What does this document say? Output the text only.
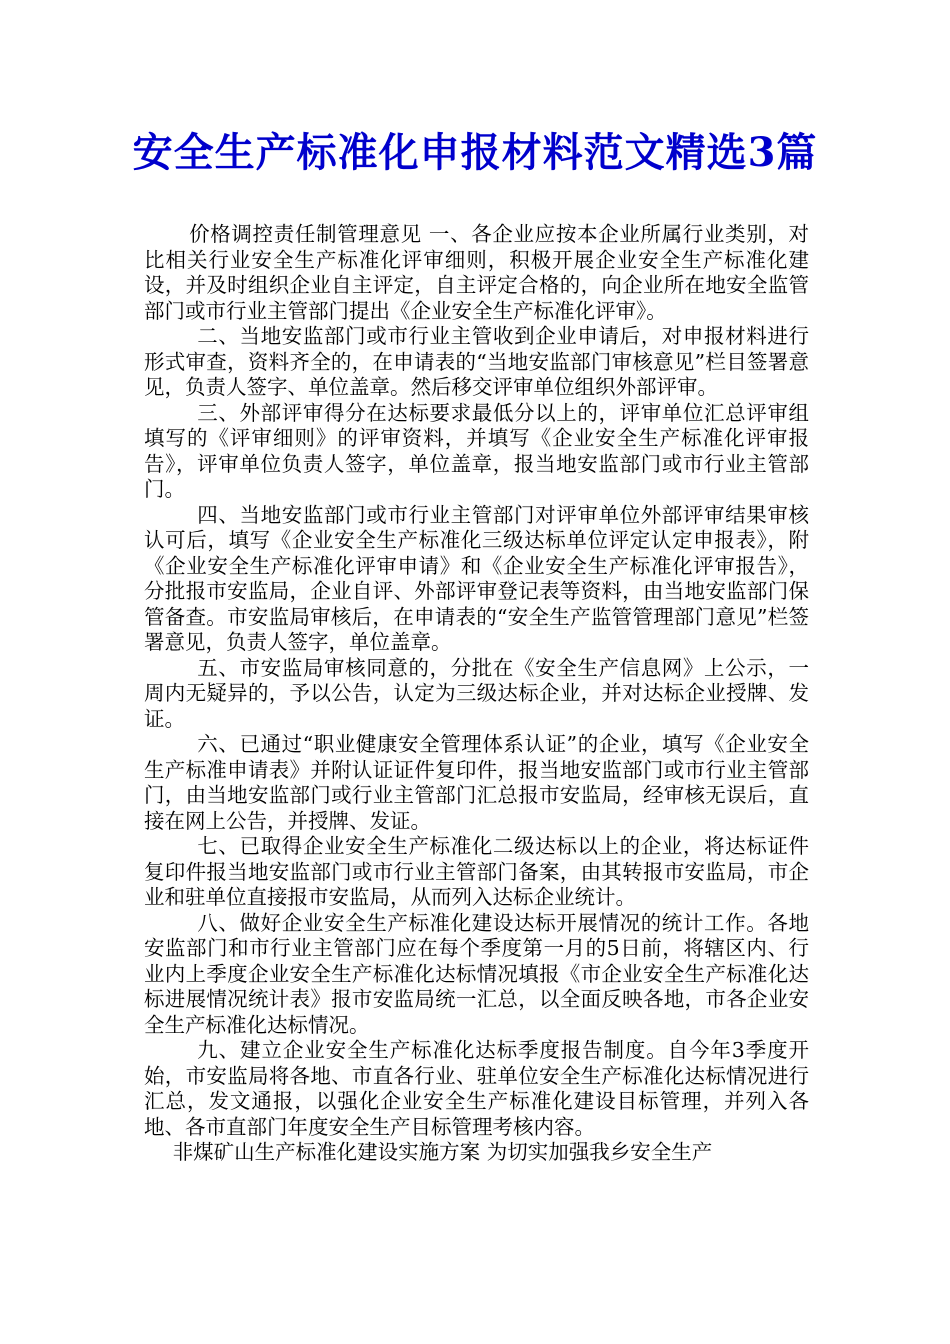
安全生产标准化申报材料范文精选3篇

价格调控责任制管理意见 一、各企业应按本企业所属行业类别，对比相关行业安全生产标准化评审细则，积极开展企业安全生产标准化建设，并及时组织企业自主评定，自主评定合格的，向企业所在地安全监管部门或市行业主管部门提出《企业安全生产标准化评审》。

二、当地安监部门或市行业主管收到企业申请后，对申报材料进行形式审查，资料齐全的，在申请表的“当地安监部门审核意见”栏目签署意见，负责人签字、单位盖章。然后移交评审单位组织外部评审。

三、外部评审得分在达标要求最低分以上的，评审单位汇总评审组填写的《评审细则》的评审资料，并填写《企业安全生产标准化评审报告》，评审单位负责人签字，单位盖章，报当地安监部门或市行业主管部门。

四、当地安监部门或市行业主管部门对评审单位外部评审结果审核认可后，填写《企业安全生产标准化三级达标单位评定认定申报表》，附《企业安全生产标准化评审申请》和《企业安全生产标准化评审报告》，分批报市安监局，企业自评、外部评审登记表等资料，由当地安监部门保管备查。市安监局审核后，在申请表的“安全生产监管管理部门意见”栏签署意见，负责人签字，单位盖章。

五、市安监局审核同意的，分批在《安全生产信息网》上公示，一周内无疑异的，予以公告，认定为三级达标企业，并对达标企业授牌、发证。

六、已通过“职业健康安全管理体系认证”的企业，填写《企业安全生产标准申请表》并附认证证件复印件，报当地安监部门或市行业主管部门，由当地安监部门或行业主管部门汇总报市安监局，经审核无误后，直接在网上公告，并授牌、发证。

七、已取得企业安全生产标准化二级达标以上的企业，将达标证件复印件报当地安监部门或市行业主管部门备案，由其转报市安监局，市企业和驻单位直接报市安监局，从而列入达标企业统计。

八、做好企业安全生产标准化建设达标开展情况的统计工作。各地安监部门和市行业主管部门应在每个季度第一月的5日前，将辖区内、行业内上季度企业安全生产标准化达标情况填报《市企业安全生产标准化达标进展情况统计表》报市安监局统一汇总，以全面反映各地，市各企业安全生产标准化达标情况。

九、建立企业安全生产标准化达标季度报告制度。自今年3季度开始，市安监局将各地、市直各行业、驻单位安全生产标准化达标情况进行汇总，发文通报，以强化企业安全生产标准化建设目标管理，并列入各地、各市直部门年度安全生产目标管理考核内容。

非煤矿山生产标准化建设实施方案 为切实加强我乡安全生产
